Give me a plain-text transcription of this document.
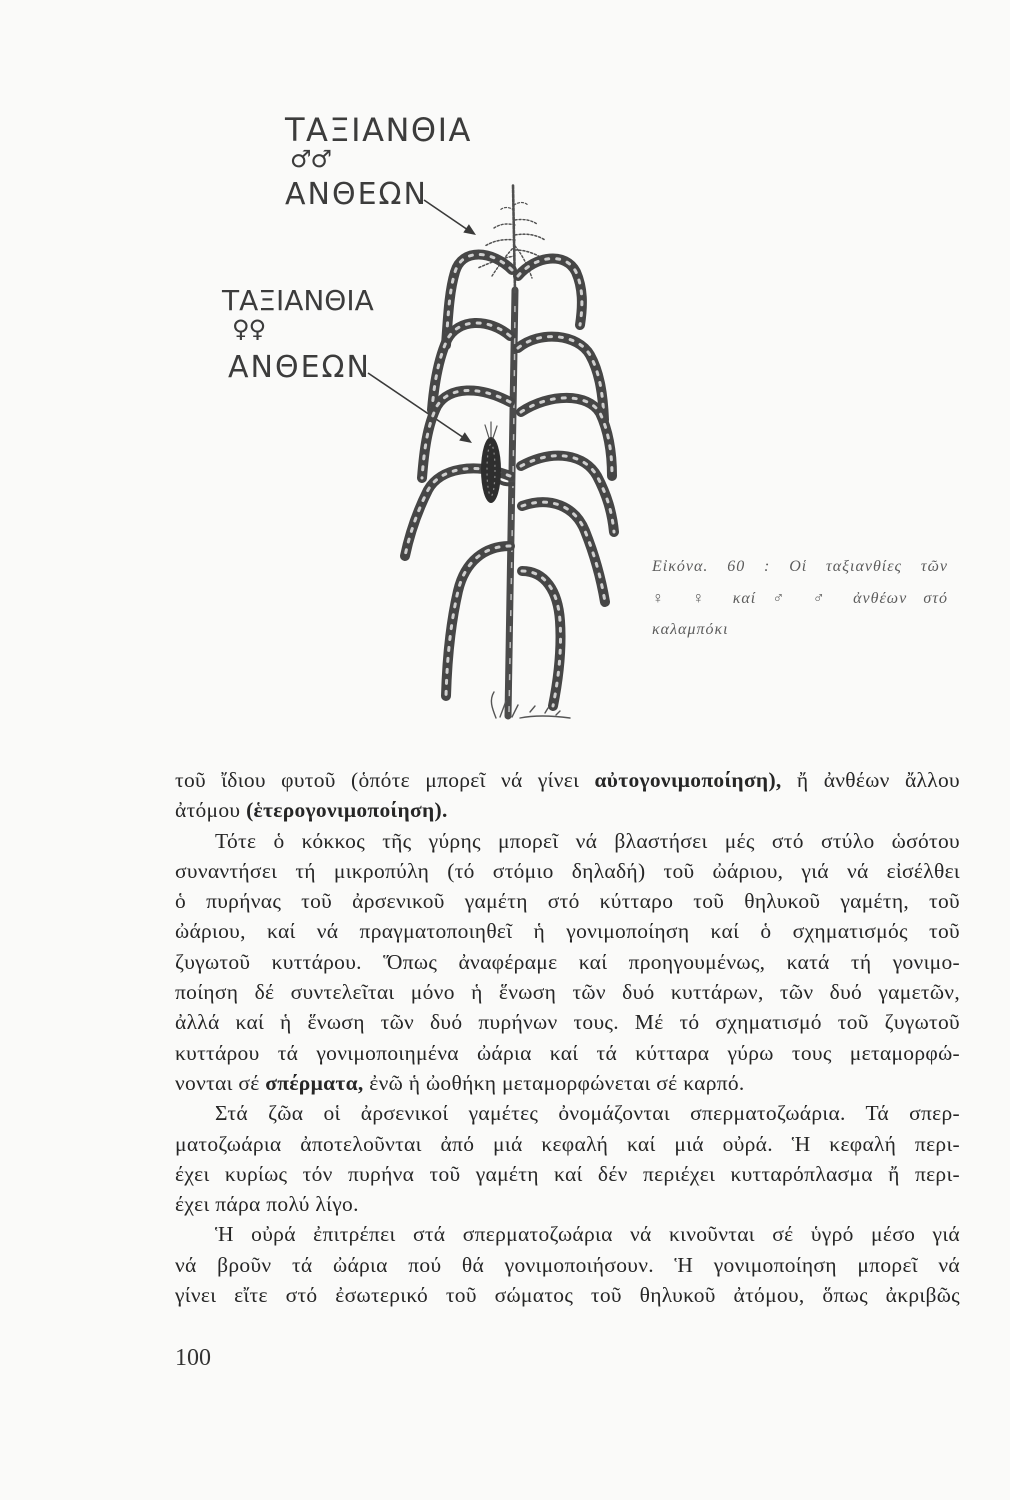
ΤΑΞΙΑΝΘΙΑ
♂♂
ΑΝΘΕΩΝ
ΤΑΞΙΑΝΘΙΑ
♀♀
ΑΝΘΕΩΝ
Εἰκόνα. 60 : Οἱ ταξιανθίες τῶν
♀ ♀ καί ♂ ♂ ἀνθέων στό
καλαμπόκι
τοῦ ἴδιου φυτοῦ (ὁπότε μπορεῖ νά γίνει αὐτογονιμοποίηση), ἤ ἀνθέων ἄλλου
ἀτόμου (ἑτερογονιμοποίηση).
Τότε ὁ κόκκος τῆς γύρης μπορεῖ νά βλαστήσει μές στό στύλο ὡσότου
συναντήσει τή μικροπύλη (τό στόμιο δηλαδή) τοῦ ὠάριου, γιά νά εἰσέλθει
ὁ πυρήνας τοῦ ἀρσενικοῦ γαμέτη στό κύτταρο τοῦ θηλυκοῦ γαμέτη, τοῦ
ὠάριου, καί νά πραγματοποιηθεῖ ἡ γονιμοποίηση καί ὁ σχηματισμός τοῦ
ζυγωτοῦ κυττάρου. Ὅπως ἀναφέραμε καί προηγουμένως, κατά τή γονιμο-
ποίηση δέ συντελεῖται μόνο ἡ ἕνωση τῶν δυό κυττάρων, τῶν δυό γαμετῶν,
ἀλλά καί ἡ ἕνωση τῶν δυό πυρήνων τους. Μέ τό σχηματισμό τοῦ ζυγωτοῦ
κυττάρου τά γονιμοποιημένα ὠάρια καί τά κύτταρα γύρω τους μεταμορφώ-
νονται σέ σπέρματα, ἐνῶ ἡ ὠοθήκη μεταμορφώνεται σέ καρπό.
Στά ζῶα οἱ ἀρσενικοί γαμέτες ὀνομάζονται σπερματοζωάρια. Τά σπερ-
ματοζωάρια ἀποτελοῦνται ἀπό μιά κεφαλή καί μιά οὐρά. Ἡ κεφαλή περι-
έχει κυρίως τόν πυρήνα τοῦ γαμέτη καί δέν περιέχει κυτταρόπλασμα ἤ περι-
έχει πάρα πολύ λίγο.
Ἡ οὐρά ἐπιτρέπει στά σπερματοζωάρια νά κινοῦνται σέ ὑγρό μέσο γιά
νά βροῦν τά ὠάρια πού θά γονιμοποιήσουν. Ἡ γονιμοποίηση μπορεῖ νά
γίνει εἴτε στό ἐσωτερικό τοῦ σώματος τοῦ θηλυκοῦ ἀτόμου, ὅπως ἀκριβῶς
100
